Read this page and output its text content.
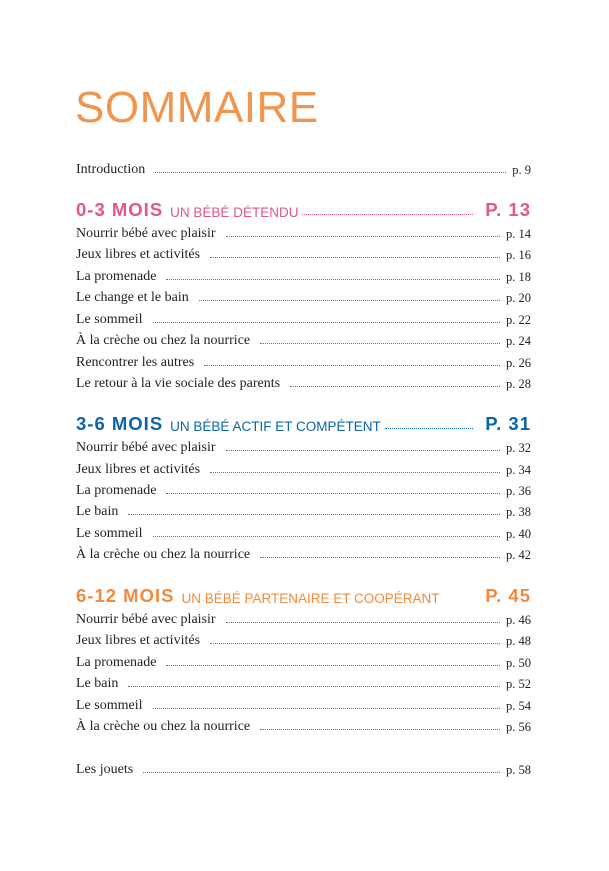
SOMMAIRE
Introduction	p. 9
0-3 MOIS UN BÉBÉ DÉTENDU	P. 13
Nourrir bébé avec plaisir	p. 14
Jeux libres et activités	p. 16
La promenade	p. 18
Le change et le bain	p. 20
Le sommeil	p. 22
À la crèche ou chez la nourrice	p. 24
Rencontrer les autres	p. 26
Le retour à la vie sociale des parents	p. 28
3-6 MOIS UN BÉBÉ ACTIF ET COMPÉTENT	P. 31
Nourrir bébé avec plaisir	p. 32
Jeux libres et activités	p. 34
La promenade	p. 36
Le bain	p. 38
Le sommeil	p. 40
À la crèche ou chez la nourrice	p. 42
6-12 MOIS UN BÉBÉ PARTENAIRE ET COOPÉRANT P. 45
Nourrir bébé avec plaisir	p. 46
Jeux libres et activités	p. 48
La promenade	p. 50
Le bain	p. 52
Le sommeil	p. 54
À la crèche ou chez la nourrice	p. 56
Les jouets	p. 58
